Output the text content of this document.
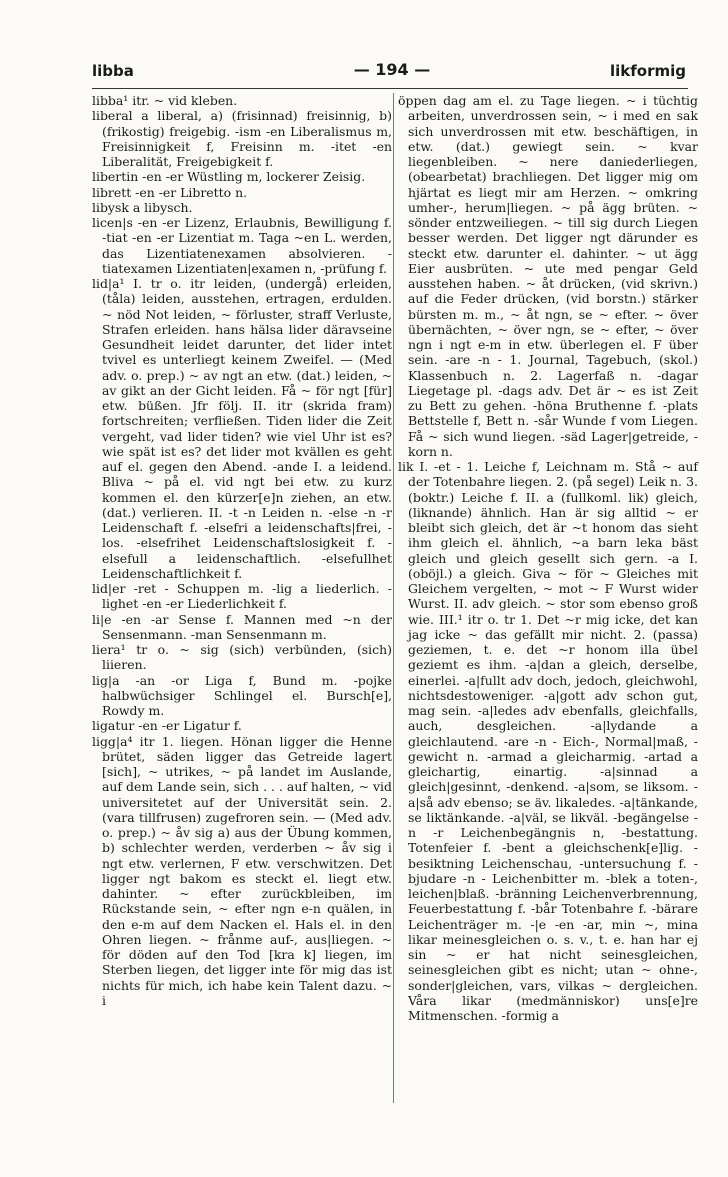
libba	— 194 —	likformig

libba¹ itr. ~ vid kleben.

liberal a liberal, a) (frisinnad) freisinnig, b) (frikostig) freigebig. -ism -en Liberalismus m, Freisinnigkeit f, Freisinn m. -itet -en Liberalität, Freigebigkeit f.

libertin -en -er Wüstling m, lockerer Zeisig.

librett -en -er Libretto n.

libysk a libysch.

licen|s -en -er Lizenz, Erlaubnis, Bewilligung f. -tiat -en -er Lizentiat m. Taga ~en L. werden, das Lizentiatenexamen absolvieren. -tiatexamen Lizentiaten|examen n, -prüfung f.

lid|a¹ I. tr o. itr leiden, (undergå) erleiden, (tåla) leiden, ausstehen, ertragen, erdulden. ~ nöd Not leiden, ~ förluster, straff Verluste, Strafen erleiden. hans hälsa lider däravseine Gesundheit leidet darunter, det lider intet tvivel es unterliegt keinem Zweifel. — (Med adv. o. prep.) ~ av ngt an etw. (dat.) leiden, ~ av gikt an der Gicht leiden. Få ~ för ngt [für] etw. büßen. Jfr följ. II. itr (skrida fram) fortschreiten; verfließen. Tiden lider die Zeit vergeht, vad lider tiden? wie viel Uhr ist es? wie spät ist es? det lider mot kvällen es geht auf el. gegen den Abend. -ande I. a leidend. Bliva ~ på el. vid ngt bei etw. zu kurz kommen el. den kürzer[e]n ziehen, an etw. (dat.) verlieren. II. -t -n Leiden n. -else -n -r Leidenschaft f. -elsefri a leidenschafts|frei, -los. -elsefrihet Leidenschaftslosigkeit f. -elsefull a leidenschaftlich. -elsefullhet Leidenschaftlichkeit f.

lid|er -ret - Schuppen m. -lig a liederlich. -lighet -en -er Liederlichkeit f.

li|e -en -ar Sense f. Mannen med ~n der Sensenmann. -man Sensenmann m.

liera¹ tr o. ~ sig (sich) verbünden, (sich) liieren.

lig|a -an -or Liga f, Bund m. -pojke halbwüchsiger Schlingel el. Bursch[e], Rowdy m.

ligatur -en -er Ligatur f.

ligg|a⁴ itr 1. liegen. Hönan ligger die Henne brütet, säden ligger das Getreide lagert [sich], ~ utrikes, ~ på landet im Auslande, auf dem Lande sein, sich . . . auf halten, ~ vid universitetet auf der Universität sein. 2. (vara tillfrusen) zugefroren sein. — (Med adv. o. prep.) ~ åv sig a) aus der Übung kommen, b) schlechter werden, verderben ~ åv sig i ngt etw. verlernen, F etw. verschwitzen. Det ligger ngt bakom es steckt el. liegt etw. dahinter. ~ efter zurückbleiben, im Rückstande sein, ~ efter ngn e-n quälen, in den e-m auf dem Nacken el. Hals el. in den Ohren liegen. ~ frånme auf-, aus|liegen. ~ för döden auf den Tod [kra k] liegen, im Sterben liegen, det ligger inte för mig das ist nichts für mich, ich habe kein Talent dazu. ~ i

öppen dag am el. zu Tage liegen. ~ i tüchtig arbeiten, unverdrossen sein, ~ i med en sak sich unverdrossen mit etw. beschäftigen, in etw. (dat.) gewiegt sein. ~ kvar liegenbleiben. ~ nere daniederliegen, (obearbetat) brachliegen. Det ligger mig om hjärtat es liegt mir am Herzen. ~ omkring umher-, herum|liegen. ~ på ägg brüten. ~ sönder entzweiliegen. ~ till sig durch Liegen besser werden. Det ligger ngt därunder es steckt etw. darunter el. dahinter. ~ ut ägg Eier ausbrüten. ~ ute med pengar Geld ausstehen haben. ~ åt drücken, (vid skrivn.) auf die Feder drücken, (vid borstn.) stärker bürsten m. m., ~ åt ngn, se ~ efter. ~ över übernächten, ~ över ngn, se ~ efter, ~ över ngn i ngt e-m in etw. überlegen el. F über sein. -are -n - 1. Journal, Tagebuch, (skol.) Klassenbuch n. 2. Lagerfaß n. -dagar Liegetage pl. -dags adv. Det är ~ es ist Zeit zu Bett zu gehen. -höna Bruthenne f. -plats Bettstelle f, Bett n. -sår Wunde f vom Liegen. Få ~ sich wund liegen. -säd Lager|getreide, -korn n.

lik I. -et - 1. Leiche f, Leichnam m. Stå ~ auf der Totenbahre liegen. 2. (på segel) Leik n. 3. (boktr.) Leiche f. II. a (fullkoml. lik) gleich, (liknande) ähnlich. Han är sig alltid ~ er bleibt sich gleich, det är ~t honom das sieht ihm gleich el. ähnlich, ~a barn leka bäst gleich und gleich gesellt sich gern. -a I. (oböjl.) a gleich. Giva ~ för ~ Gleiches mit Gleichem vergelten, ~ mot ~ F Wurst wider Wurst. II. adv gleich. ~ stor som ebenso groß wie. III.¹ itr o. tr 1. Det ~r mig icke, det kan jag icke ~ das gefällt mir nicht. 2. (passa) geziemen, t. e. det ~r honom illa übel geziemt es ihm. -a|dan a gleich, derselbe, einerlei. -a|fullt adv doch, jedoch, gleichwohl, nichtsdestoweniger. -a|gott adv schon gut, mag sein. -a|ledes adv ebenfalls, gleichfalls, auch, desgleichen. -a|lydande a gleichlautend. -are -n - Eich-, Normal|maß, -gewicht n. -armad a gleicharmig. -artad a gleichartig, einartig. -a|sinnad a gleich|gesinnt, -denkend. -a|som, se liksom. -a|så adv ebenso; se äv. likaledes. -a|tänkande, se liktänkande. -a|väl, se likväl. -begängelse -n -r Leichenbegängnis n, -bestattung. Totenfeier f. -bent a gleichschenk[e]lig. -besiktning Leichenschau, -untersuchung f. -bjudare -n - Leichenbitter m. -blek a toten-, leichen|blaß. -bränning Leichenverbrennung, Feuerbestattung f. -bår Totenbahre f. -bärare Leichenträger m. -|e -en -ar, min ~, mina likar meinesgleichen o. s. v., t. e. han har ej sin ~ er hat nicht seinesgleichen, seinesgleichen gibt es nicht; utan ~ ohne-, sonder|gleichen, vars, vilkas ~ dergleichen. Våra likar (medmänniskor) uns[e]re Mitmenschen. -formig a
